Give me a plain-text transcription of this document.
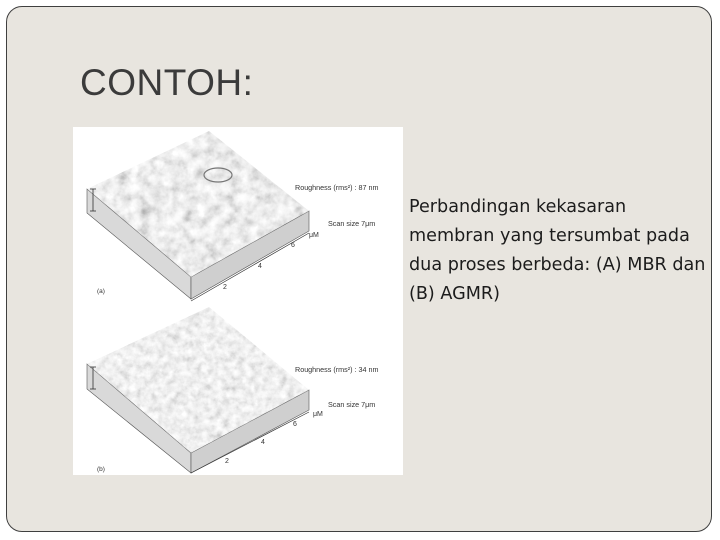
CONTOH:
2
4
6
μM
Roughness (rms²) : 87 nm
Scan size 7μm
(a)
2
4
6
μM
Roughness (rms²) : 34 nm
Scan size 7μm
(b)

Perbandingan kekasaran membran yang tersumbat pada dua proses berbeda: (A) MBR dan (B) AGMR)
